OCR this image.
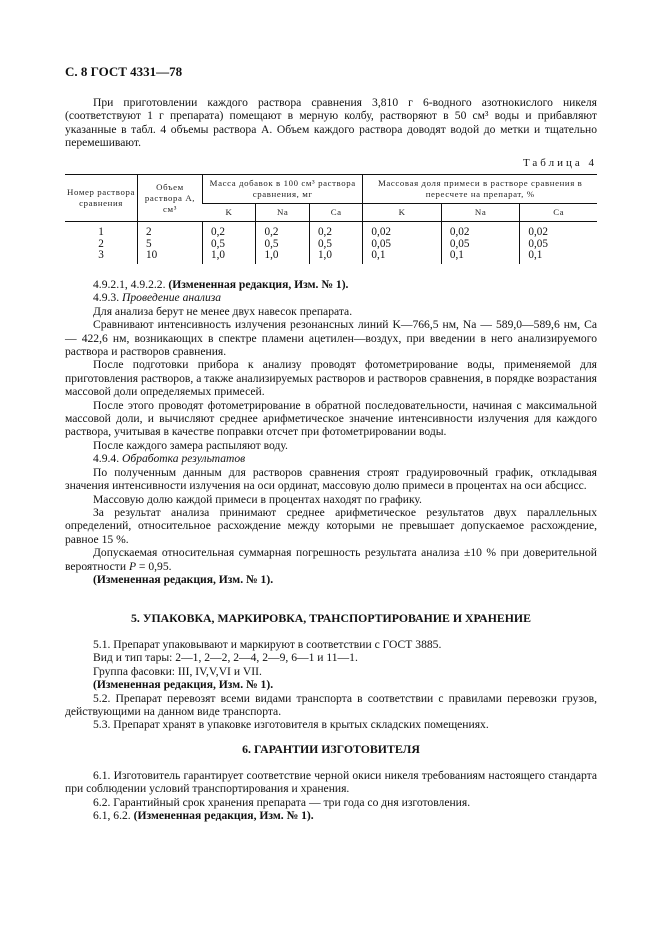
С. 8 ГОСТ 4331—78

При приготовлении каждого раствора сравнения 3,810 г 6-водного азотнокислого никеля (соответствуют 1 г препарата) помещают в мерную колбу, растворяют в 50 см³ воды и прибавляют указанные в табл. 4 объемы раствора А. Объем каждого раствора доводят водой до метки и тщательно перемешивают.

Таблица 4
Номер раствора сравнения	Объем раствора А, см³	Масса добавок в 100 см³ раствора сравнения, мг			Массовая доля примеси в растворе сравнения в пересчете на препарат, %		
		K	Na	Ca	K	Na	Ca
1	2	0,2	0,2	0,2	0,02	0,02	0,02
2	5	0,5	0,5	0,5	0,05	0,05	0,05
3	10	1,0	1,0	1,0	0,1	0,1	0,1

4.9.2.1, 4.9.2.2. (Измененная редакция, Изм. № 1).

4.9.3. Проведение анализа

Для анализа берут не менее двух навесок препарата.

Сравнивают интенсивность излучения резонансных линий K—766,5 нм, Na — 589,0—589,6 нм, Ca — 422,6 нм, возникающих в спектре пламени ацетилен—воздух, при введении в него анализируемого раствора и растворов сравнения.

После подготовки прибора к анализу проводят фотометрирование воды, применяемой для приготовления растворов, а также анализируемых растворов и растворов сравнения, в порядке возрастания массовой доли определяемых примесей.

После этого проводят фотометрирование в обратной последовательности, начиная с максимальной массовой доли, и вычисляют среднее арифметическое значение интенсивности излучения для каждого раствора, учитывая в качестве поправки отсчет при фотометрировании воды.

После каждого замера распыляют воду.

4.9.4. Обработка результатов

По полученным данным для растворов сравнения строят градуировочный график, откладывая значения интенсивности излучения на оси ординат, массовую долю примеси в процентах на оси абсцисс.

Массовую долю каждой примеси в процентах находят по графику.

За результат анализа принимают среднее арифметическое результатов двух параллельных определений, относительное расхождение между которыми не превышает допускаемое расхождение, равное 15 %.

Допускаемая относительная суммарная погрешность результата анализа ±10 % при доверительной вероятности P = 0,95.

(Измененная редакция, Изм. № 1).

5. УПАКОВКА, МАРКИРОВКА, ТРАНСПОРТИРОВАНИЕ И ХРАНЕНИЕ

5.1. Препарат упаковывают и маркируют в соответствии с ГОСТ 3885.

Вид и тип тары: 2—1, 2—2, 2—4, 2—9, 6—1 и 11—1.

Группа фасовки: III, IV,V,VI и VII.

(Измененная редакция, Изм. № 1).

5.2. Препарат перевозят всеми видами транспорта в соответствии с правилами перевозки грузов, действующими на данном виде транспорта.

5.3. Препарат хранят в упаковке изготовителя в крытых складских помещениях.

6. ГАРАНТИИ ИЗГОТОВИТЕЛЯ

6.1. Изготовитель гарантирует соответствие черной окиси никеля требованиям настоящего стандарта при соблюдении условий транспортирования и хранения.

6.2. Гарантийный срок хранения препарата — три года со дня изготовления.

6.1, 6.2. (Измененная редакция, Изм. № 1).
